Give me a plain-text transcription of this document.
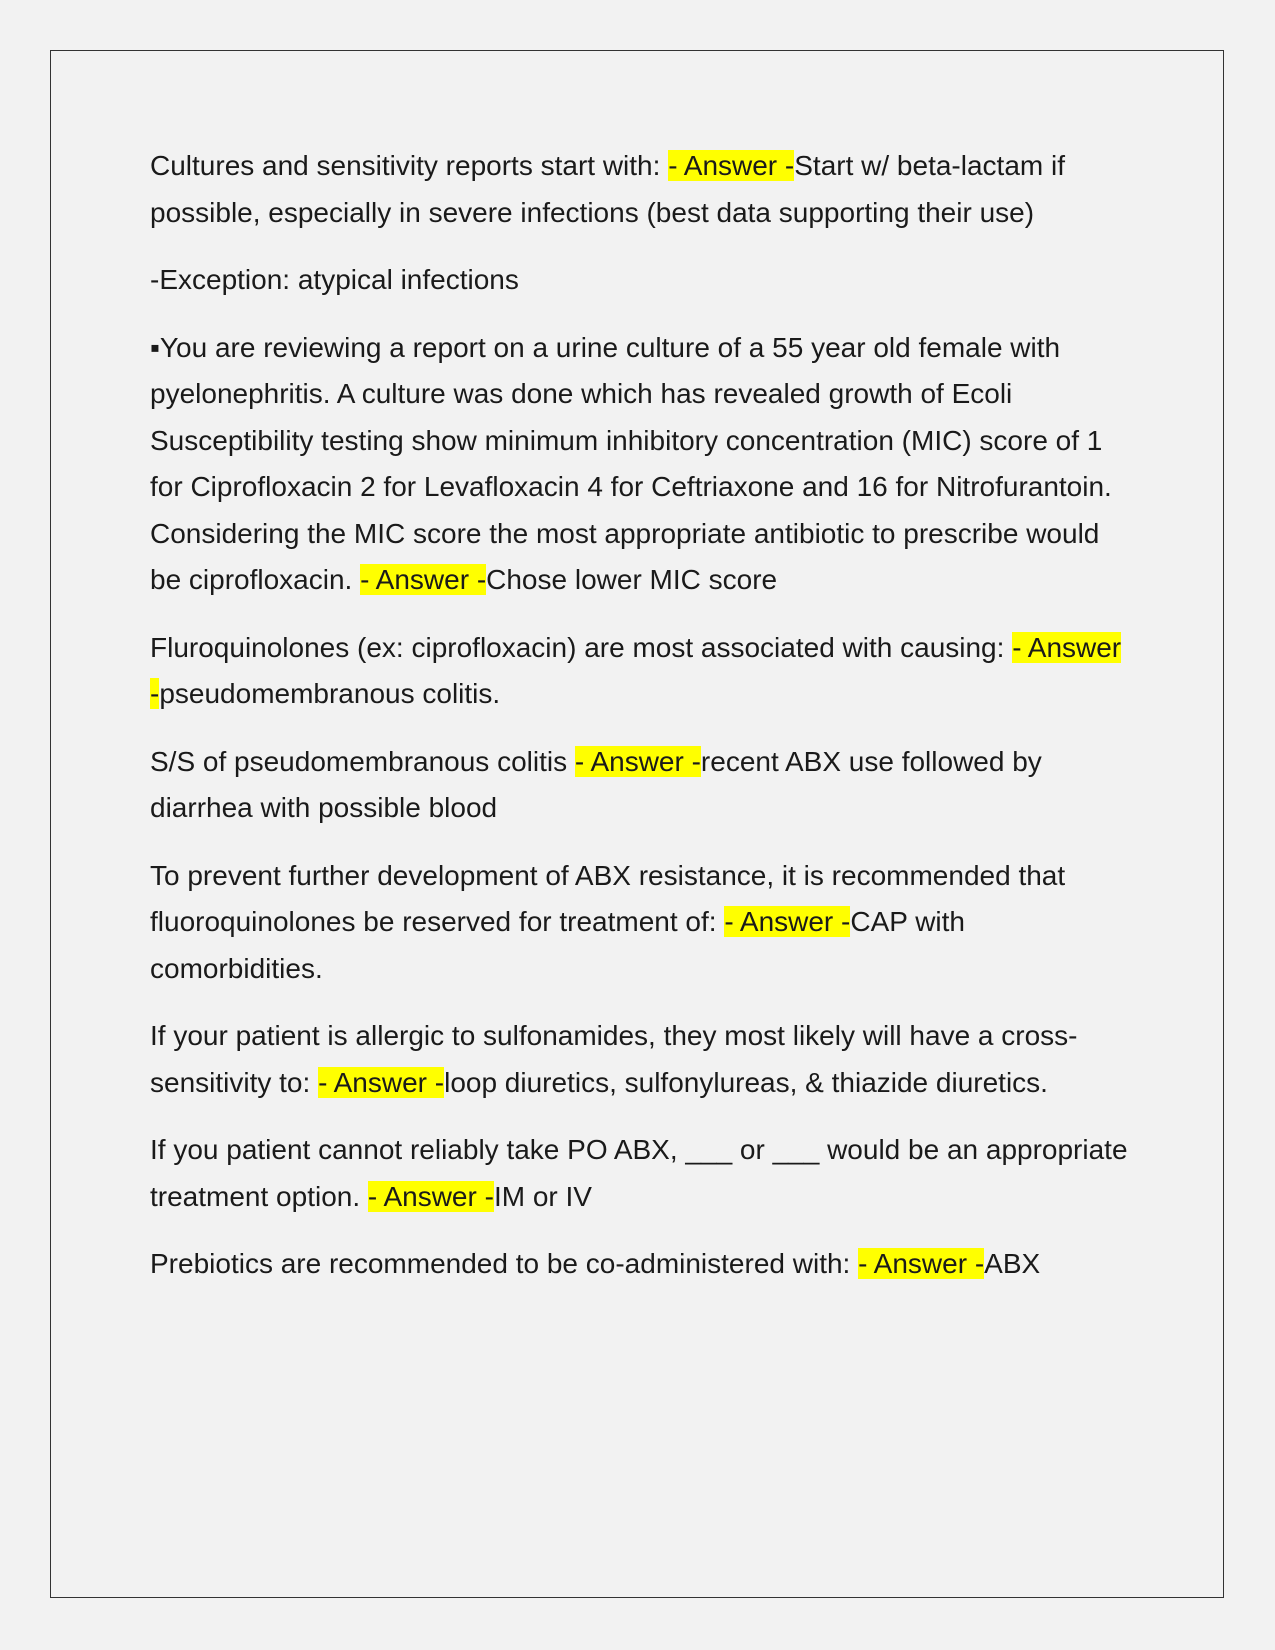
Cultures and sensitivity reports start with: - Answer -Start w/ beta-lactam if possible, especially in severe infections (best data supporting their use)

-Exception: atypical infections

▪You are reviewing a report on a urine culture of a 55 year old female with pyelonephritis. A culture was done which has revealed growth of Ecoli Susceptibility testing show minimum inhibitory concentration (MIC) score of 1 for Ciprofloxacin 2 for Levafloxacin 4 for Ceftriaxone and 16 for Nitrofurantoin. Considering the MIC score the most appropriate antibiotic to prescribe would be ciprofloxacin. - Answer -Chose lower MIC score

Fluroquinolones (ex: ciprofloxacin) are most associated with causing: - Answer -pseudomembranous colitis.

S/S of pseudomembranous colitis - Answer -recent ABX use followed by diarrhea with possible blood

To prevent further development of ABX resistance, it is recommended that fluoroquinolones be reserved for treatment of: - Answer -CAP with comorbidities.

If your patient is allergic to sulfonamides, they most likely will have a cross-sensitivity to: - Answer -loop diuretics, sulfonylureas, & thiazide diuretics.

If you patient cannot reliably take PO ABX, ___ or ___ would be an appropriate treatment option. - Answer -IM or IV

Prebiotics are recommended to be co-administered with: - Answer -ABX
